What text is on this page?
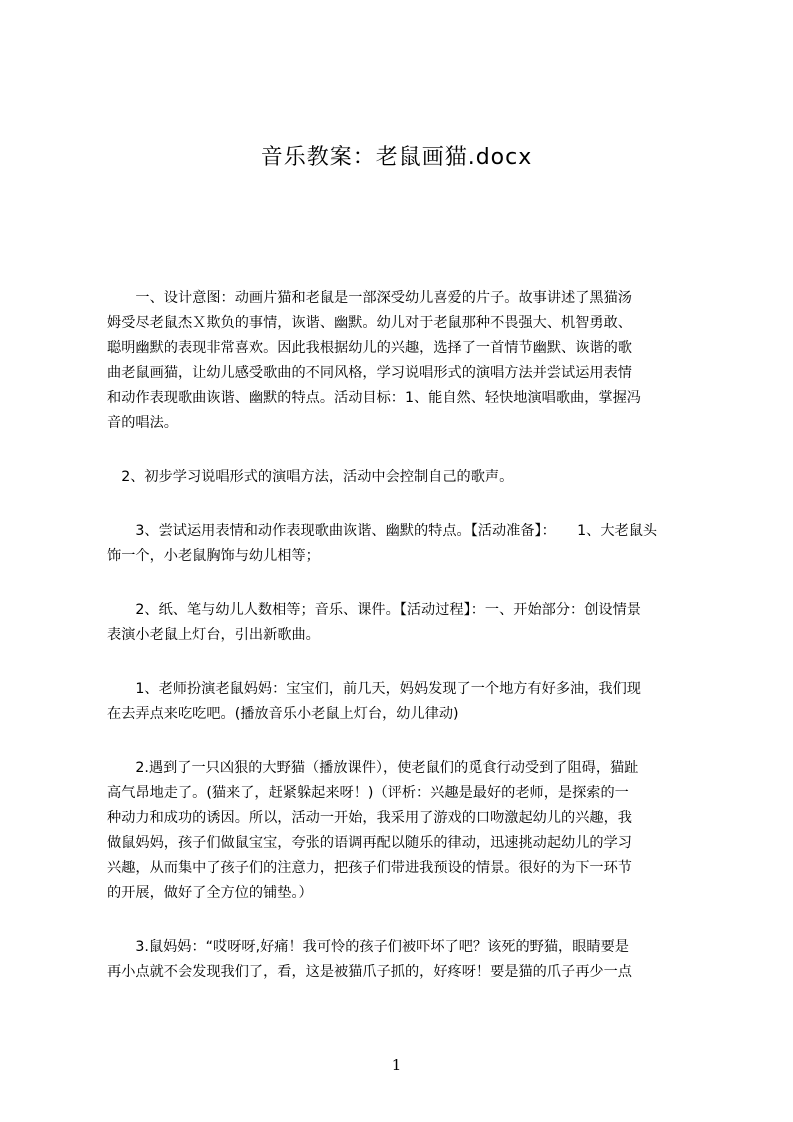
音乐教案：老鼠画猫.docx

　　一、设计意图：动画片猫和老鼠是一部深受幼儿喜爱的片子。故事讲述了黑猫汤
姆受尽老鼠杰Ｘ欺负的事情，诙谐、幽默。幼儿对于老鼠那种不畏强大、机智勇敢、
聪明幽默的表现非常喜欢。因此我根据幼儿的兴趣，选择了一首情节幽默、诙谐的歌
曲老鼠画猫，让幼儿感受歌曲的不同风格，学习说唱形式的演唱方法并尝试运用表情
和动作表现歌曲诙谐、幽默的特点。活动目标：1、能自然、轻快地演唱歌曲，掌握冯
音的唱法。

　2、初步学习说唱形式的演唱方法，活动中会控制自己的歌声。

　　3、尝试运用表情和动作表现歌曲诙谐、幽默的特点。【活动准备】：　　1、大老鼠头
饰一个，小老鼠胸饰与幼儿相等；

　　2、纸、笔与幼儿人数相等；音乐、课件。【活动过程】：一、开始部分：创设情景
表演小老鼠上灯台，引出新歌曲。

　　1、老师扮演老鼠妈妈：宝宝们，前几天，妈妈发现了一个地方有好多油，我们现
在去弄点来吃吃吧。(播放音乐小老鼠上灯台，幼儿律动)

　　2.遇到了一只凶狠的大野猫（播放课件），使老鼠们的觅食行动受到了阻碍，猫趾
高气昂地走了。(猫来了，赶紧躲起来呀！)（评析：兴趣是最好的老师，是探索的一
种动力和成功的诱因。所以，活动一开始，我采用了游戏的口吻激起幼儿的兴趣，我
做鼠妈妈，孩子们做鼠宝宝，夸张的语调再配以随乐的律动，迅速挑动起幼儿的学习
兴趣，从而集中了孩子们的注意力，把孩子们带进我预设的情景。很好的为下一环节
的开展，做好了全方位的铺垫。）

　　3.鼠妈妈：“哎呀呀,好痛！我可怜的孩子们被吓坏了吧？该死的野猫，眼睛要是
再小点就不会发现我们了，看，这是被猫爪子抓的，好疼呀！要是猫的爪子再少一点

1
